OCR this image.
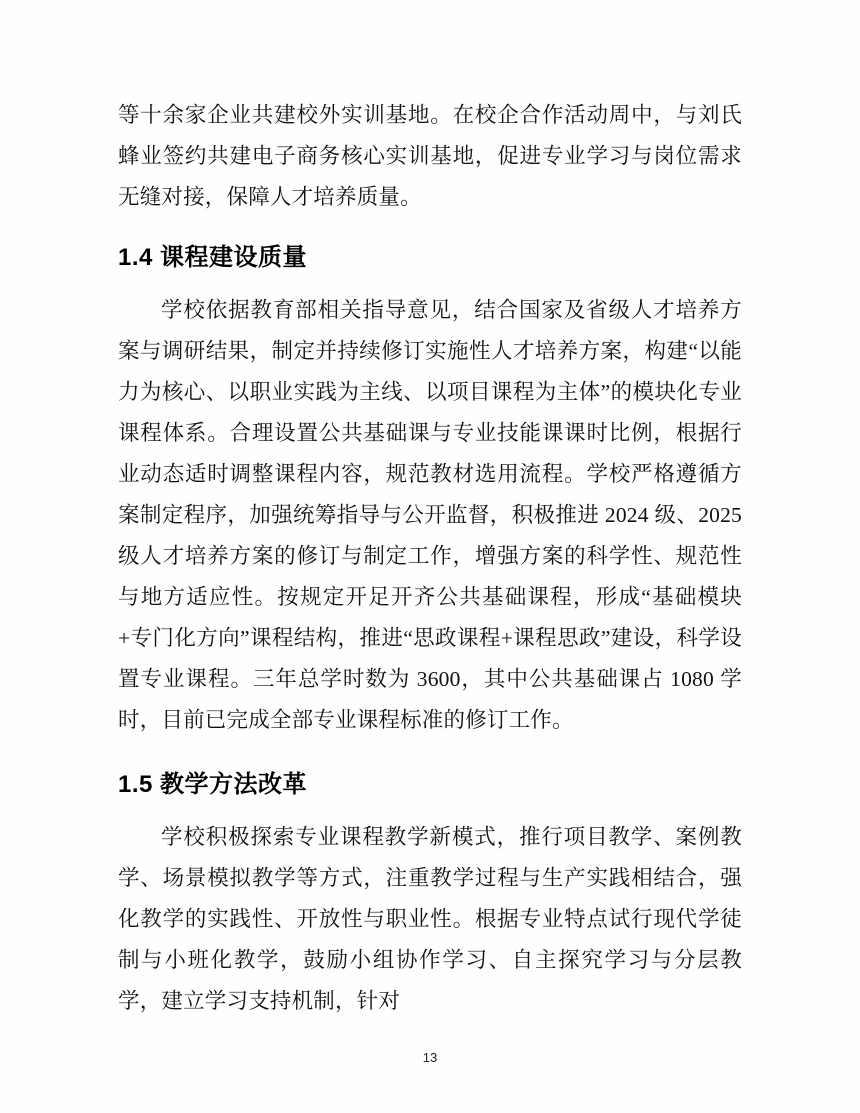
等十余家企业共建校外实训基地。在校企合作活动周中，与刘氏蜂业签约共建电子商务核心实训基地，促进专业学习与岗位需求无缝对接，保障人才培养质量。

1.4 课程建设质量

学校依据教育部相关指导意见，结合国家及省级人才培养方案与调研结果，制定并持续修订实施性人才培养方案，构建“以能力为核心、以职业实践为主线、以项目课程为主体”的模块化专业课程体系。合理设置公共基础课与专业技能课课时比例，根据行业动态适时调整课程内容，规范教材选用流程。学校严格遵循方案制定程序，加强统筹指导与公开监督，积极推进 2024 级、2025 级人才培养方案的修订与制定工作，增强方案的科学性、规范性与地方适应性。按规定开足开齐公共基础课程，形成“基础模块+专门化方向”课程结构，推进“思政课程+课程思政”建设，科学设置专业课程。三年总学时数为 3600，其中公共基础课占 1080 学时，目前已完成全部专业课程标准的修订工作。

1.5 教学方法改革

学校积极探索专业课程教学新模式，推行项目教学、案例教学、场景模拟教学等方式，注重教学过程与生产实践相结合，强化教学的实践性、开放性与职业性。根据专业特点试行现代学徒制与小班化教学，鼓励小组协作学习、自主探究学习与分层教学，建立学习支持机制，针对

13
